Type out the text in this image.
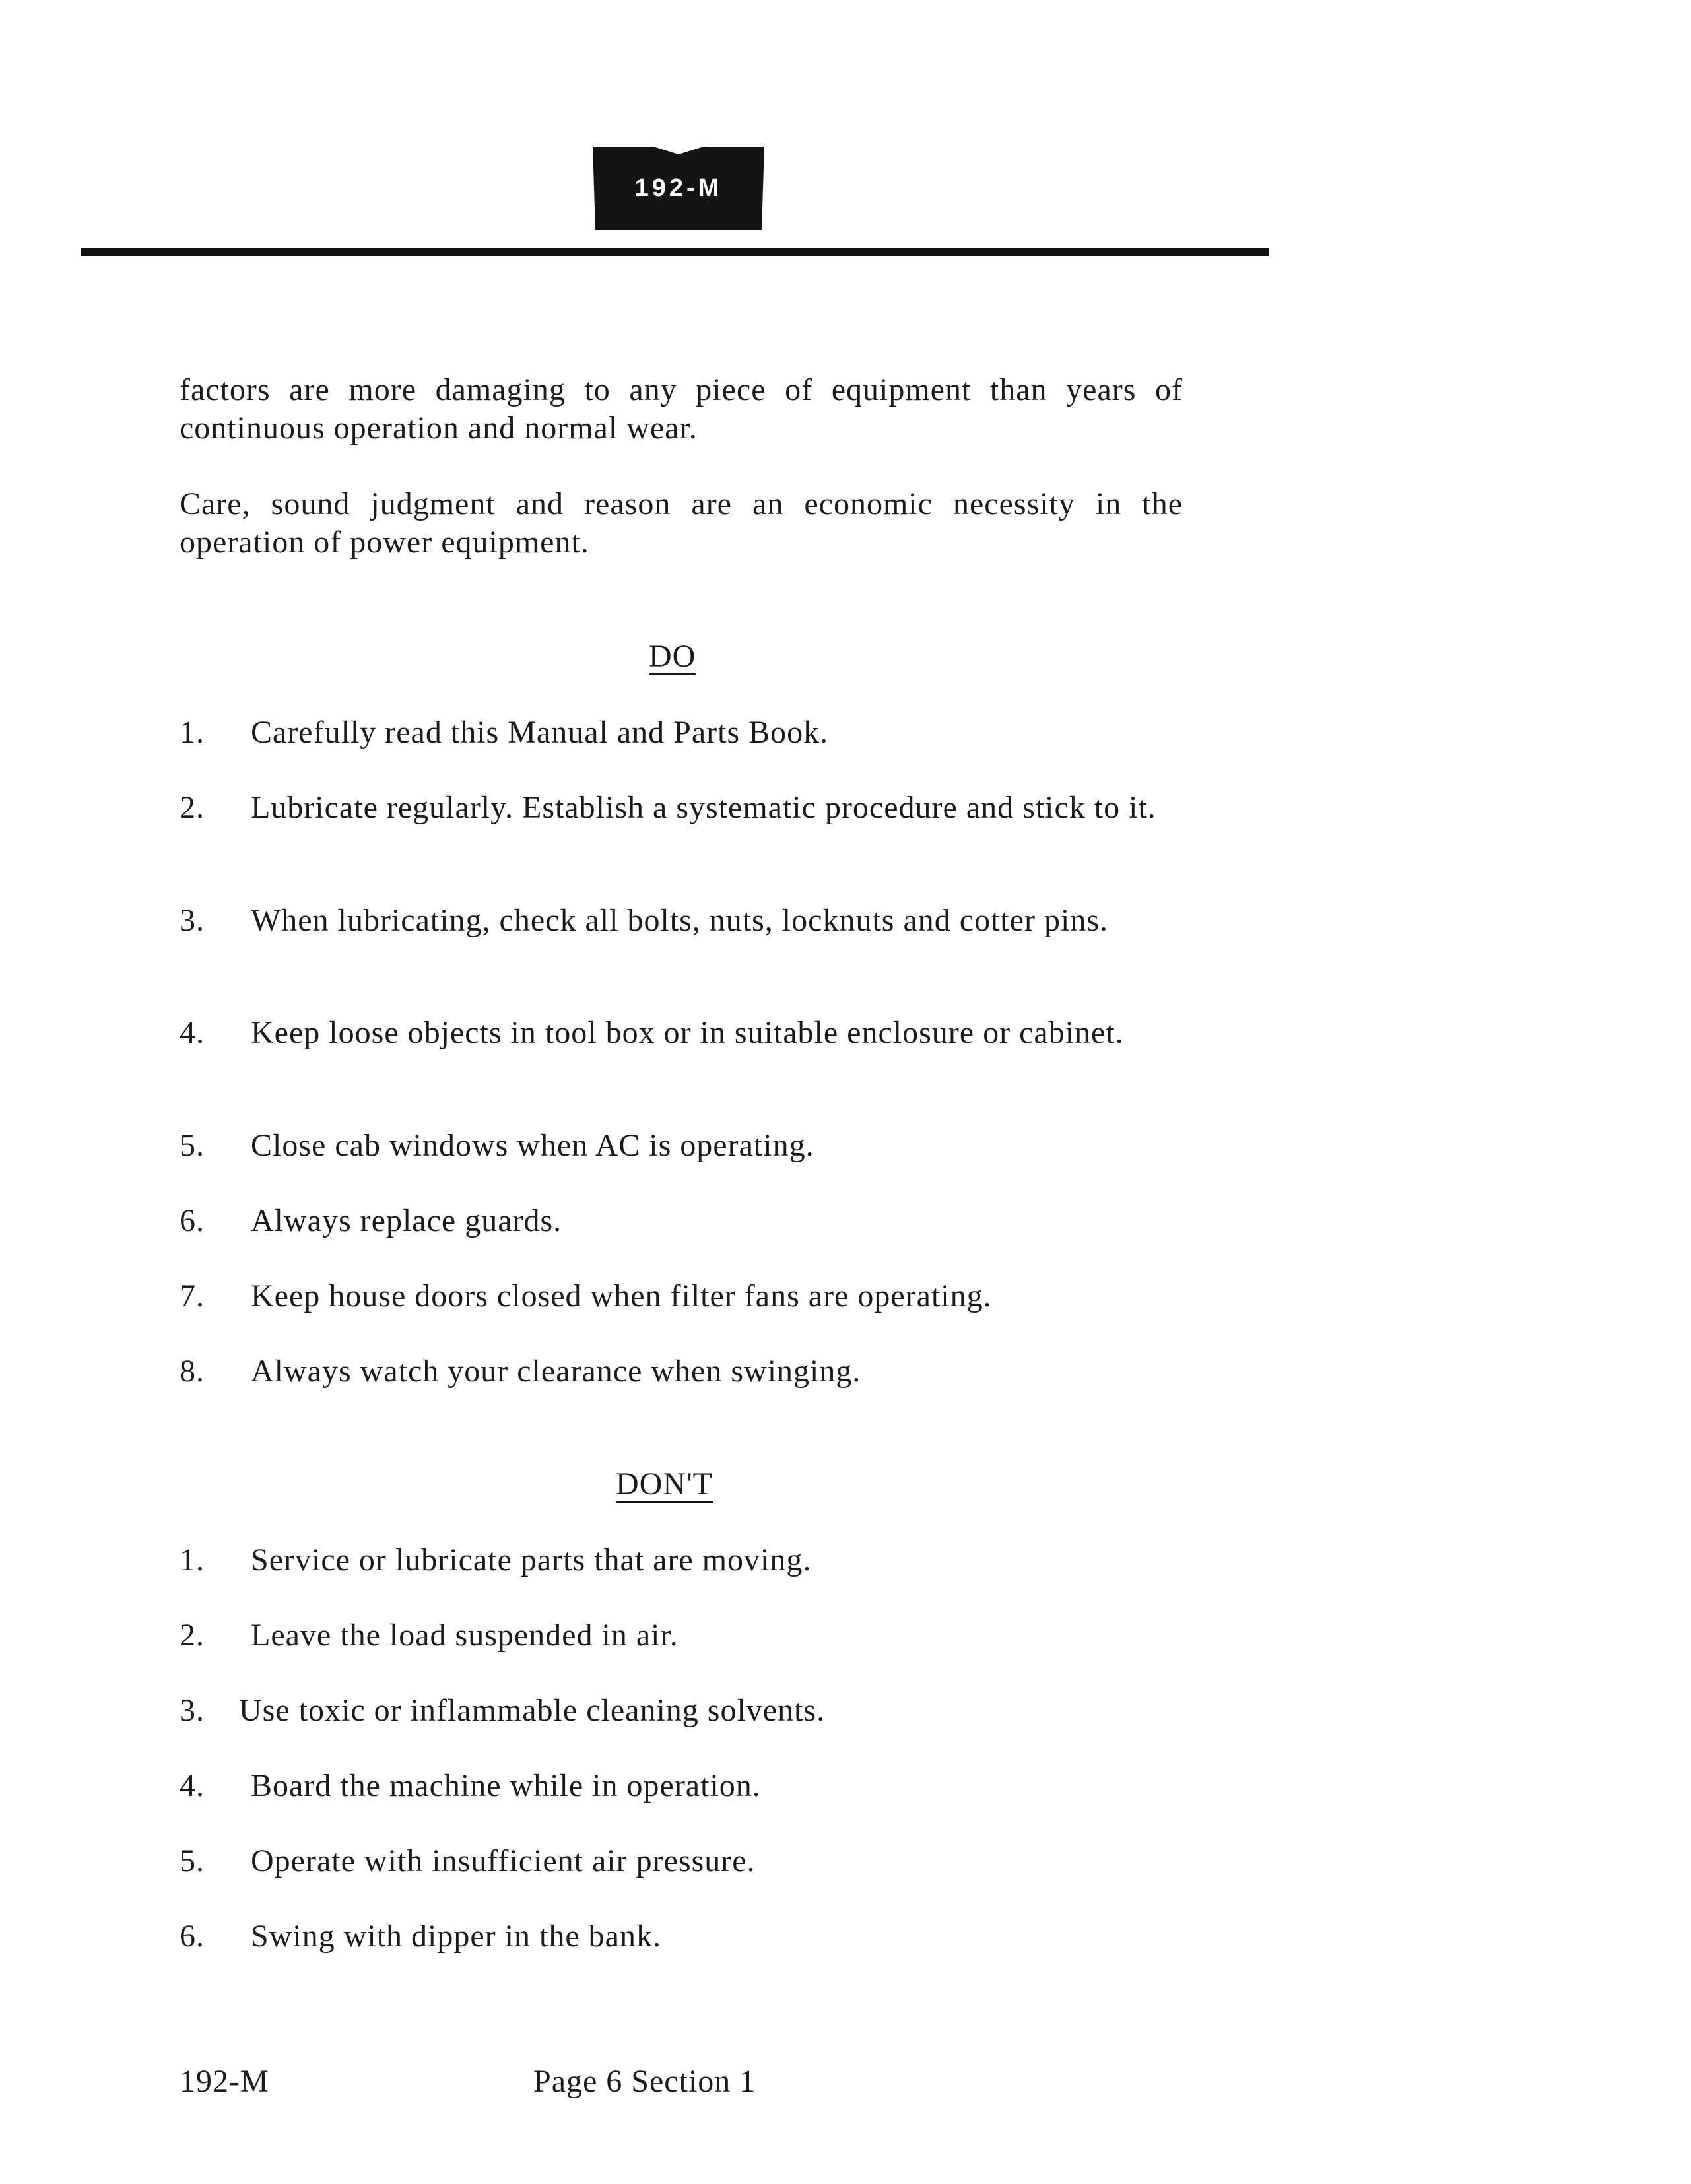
192-M

factors are more damaging to any piece of equipment than years of continuous operation and normal wear.

Care, sound judgment and reason are an economic necessity in the operation of power equipment.

DO
1. Carefully read this Manual and Parts Book.
2. Lubricate regularly. Establish a systematic procedure and stick to it.
3. When lubricating, check all bolts, nuts, locknuts and cotter pins.
4. Keep loose objects in tool box or in suitable enclosure or cabinet.
5. Close cab windows when AC is operating.
6. Always replace guards.
7. Keep house doors closed when filter fans are operating.
8. Always watch your clearance when swinging.
DON'T
1. Service or lubricate parts that are moving.
2. Leave the load suspended in air.
3. Use toxic or inflammable cleaning solvents.
4. Board the machine while in operation.
5. Operate with insufficient air pressure.
6. Swing with dipper in the bank.
192-M	Page 6 Section 1
